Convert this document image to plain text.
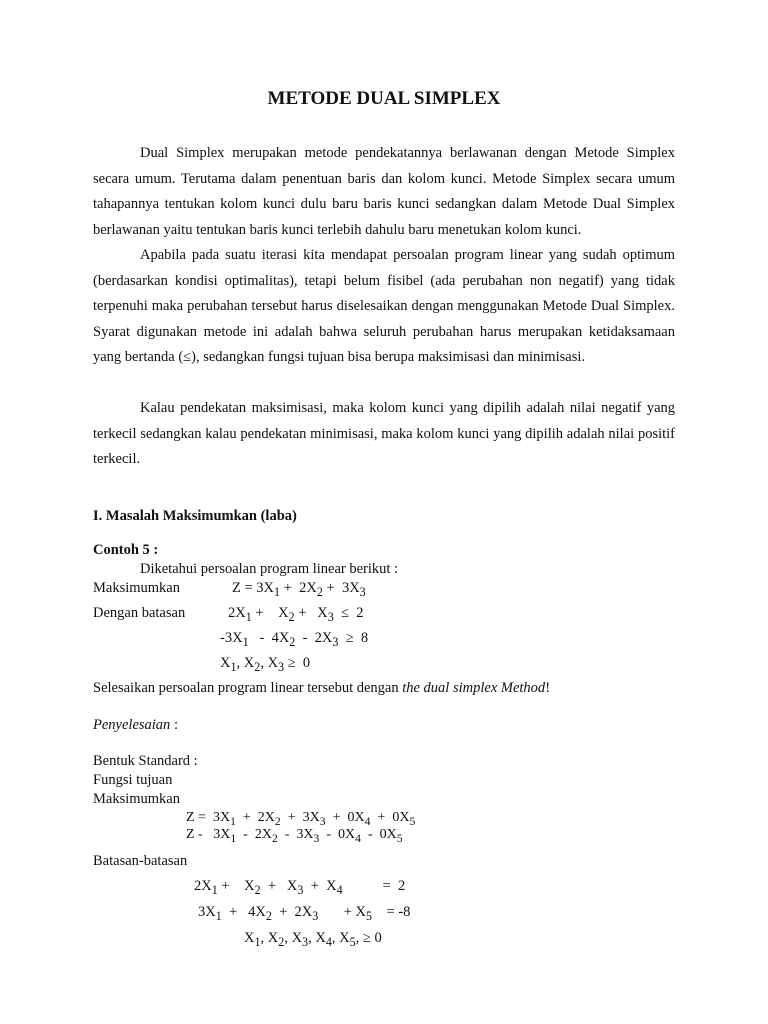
METODE DUAL SIMPLEX

Dual Simplex merupakan metode pendekatannya berlawanan dengan Metode Simplex secara umum. Terutama dalam penentuan baris dan kolom kunci. Metode Simplex secara umum tahapannya tentukan kolom kunci dulu baru baris kunci sedangkan dalam Metode Dual Simplex berlawanan yaitu tentukan baris kunci terlebih dahulu baru menetukan kolom kunci.

Apabila pada suatu iterasi kita mendapat persoalan program linear yang sudah optimum (berdasarkan kondisi optimalitas), tetapi belum fisibel (ada perubahan non negatif) yang tidak terpenuhi maka perubahan tersebut harus diselesaikan dengan menggunakan Metode Dual Simplex. Syarat digunakan metode ini adalah bahwa seluruh perubahan harus merupakan ketidaksamaan yang bertanda (≤), sedangkan fungsi tujuan bisa berupa maksimisasi dan minimisasi.

Kalau pendekatan maksimisasi, maka kolom kunci yang dipilih adalah nilai negatif yang terkecil sedangkan kalau pendekatan minimisasi, maka kolom kunci yang dipilih adalah nilai positif terkecil.

I. Masalah Maksimumkan (laba)
Contoh 5 :
Diketahui persoalan program linear berikut :
Maksimumkan	$Z = 3X_1 + 2X_2 + 3X_3$
Dengan batasan	$2X_1$ +    $X_2 + X_3 \le 2$
$-3X_1 - 4X_2 - 2X_3 \ge 8$
$X_1$, $X_2$, $X_3 \ge 0$
Selesaikan persoalan program linear tersebut dengan the dual simplex Method!
Penyelesaian :
Bentuk Standard :
Fungsi tujuan
Maksimumkan
$Z = 3X_1 + 2X_2 + 3X_3 + 0X_4 + 0X_5$
Z -   $3X_1 - 2X_2 - 3X_3 - 0X_4 - 0X_5$
Batasan-batasan
$2X_1$ +    $X_2 + X_3 + X_4$           =  2
$3X_1 + 4X_2 + 2X_3$       + $X_5$    = -8
$X_1$, $X_2$, $X_3$, $X_4$, $X_5$, ≥ 0
